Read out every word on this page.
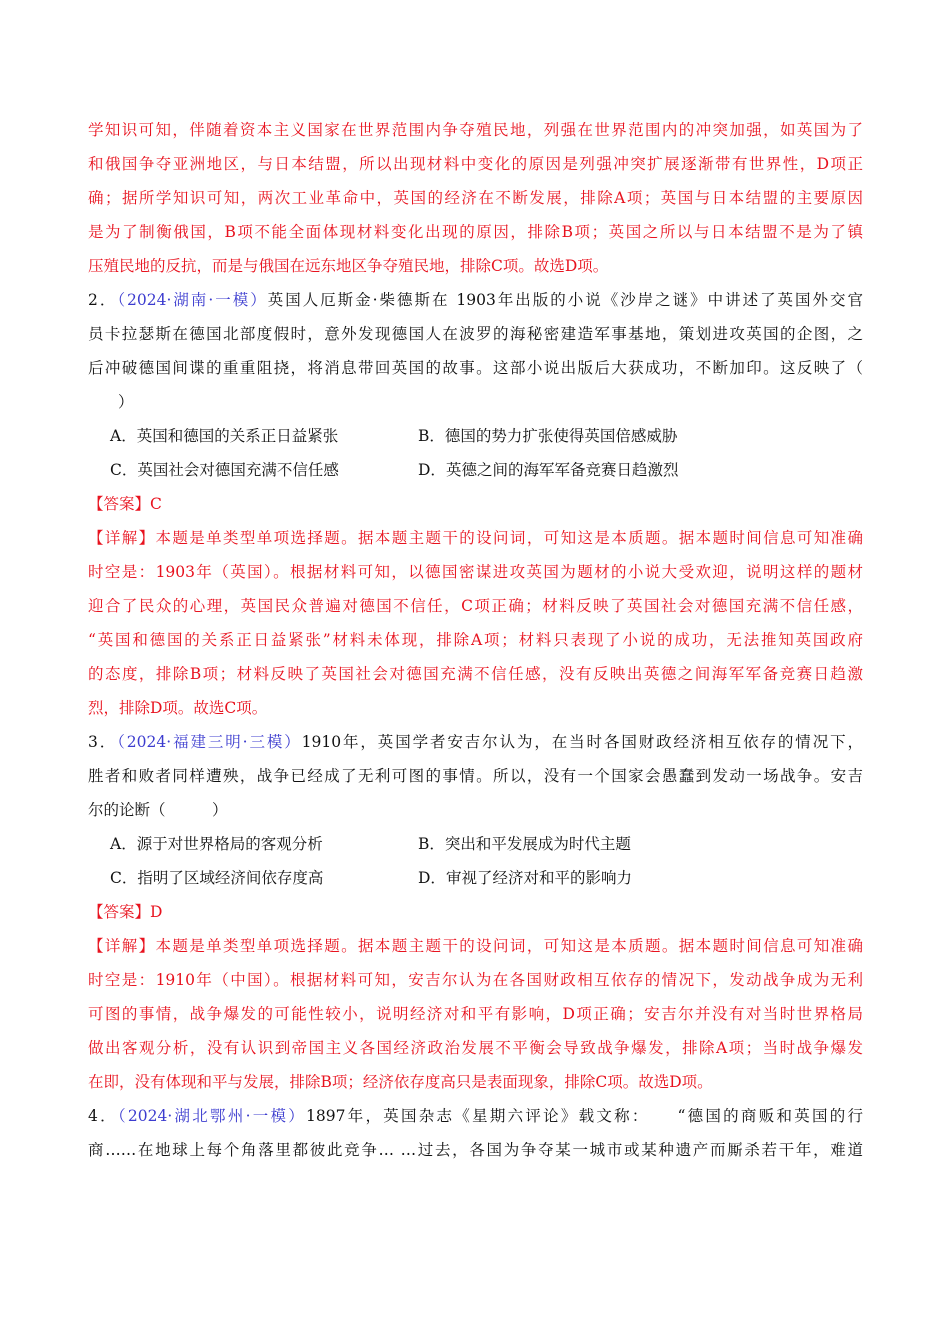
学知识可知，伴随着资本主义国家在世界范围内争夺殖民地，列强在世界范围内的冲突加强，如英国为了
和俄国争夺亚洲地区，与日本结盟，所以出现材料中变化的原因是列强冲突扩展逐渐带有世界性，D项正
确；据所学知识可知，两次工业革命中，英国的经济在不断发展，排除A项；英国与日本结盟的主要原因
是为了制衡俄国，B项不能全面体现材料变化出现的原因，排除B项；英国之所以与日本结盟不是为了镇
压殖民地的反抗，而是与俄国在远东地区争夺殖民地，排除C项。故选D项。
2．（2024·湖南·一模）英国人厄斯金·柴德斯在 1903年出版的小说《沙岸之谜》中讲述了英国外交官
员卡拉瑟斯在德国北部度假时，意外发现德国人在波罗的海秘密建造军事基地，策划进攻英国的企图，之
后冲破德国间谍的重重阻挠，将消息带回英国的故事。这部小说出版后大获成功，不断加印。这反映了（
）
A．英国和德国的关系正日益紧张	B．德国的势力扩张使得英国倍感威胁
C．英国社会对德国充满不信任感	D．英德之间的海军军备竞赛日趋激烈
【答案】C
【详解】本题是单类型单项选择题。据本题主题干的设问词，可知这是本质题。据本题时间信息可知准确
时空是：1903年（英国）。根据材料可知，以德国密谋进攻英国为题材的小说大受欢迎，说明这样的题材
迎合了民众的心理，英国民众普遍对德国不信任，C项正确；材料反映了英国社会对德国充满不信任感，
“英国和德国的关系正日益紧张”材料未体现，排除A项；材料只表现了小说的成功，无法推知英国政府
的态度，排除B项；材料反映了英国社会对德国充满不信任感，没有反映出英德之间海军军备竞赛日趋激
烈，排除D项。故选C项。
3．（2024·福建三明·三模）1910年，英国学者安吉尔认为，在当时各国财政经济相互依存的情况下，
胜者和败者同样遭殃，战争已经成了无利可图的事情。所以，没有一个国家会愚蠢到发动一场战争。安吉
尔的论断（　　　）
A．源于对世界格局的客观分析	B．突出和平发展成为时代主题
C．指明了区域经济间依存度高	D．审视了经济对和平的影响力
【答案】D
【详解】本题是单类型单项选择题。据本题主题干的设问词，可知这是本质题。据本题时间信息可知准确
时空是：1910年（中国）。根据材料可知，安吉尔认为在各国财政相互依存的情况下，发动战争成为无利
可图的事情，战争爆发的可能性较小，说明经济对和平有影响，D项正确；安吉尔并没有对当时世界格局
做出客观分析，没有认识到帝国主义各国经济政治发展不平衡会导致战争爆发，排除A项；当时战争爆发
在即，没有体现和平与发展，排除B项；经济依存度高只是表面现象，排除C项。故选D项。
4．（2024·湖北鄂州·一模）1897年，英国杂志《星期六评论》载文称：　　“德国的商贩和英国的行
商……在地球上每个角落里都彼此竞争… …过去，各国为争夺某一城市或某种遗产而厮杀若干年，难道
